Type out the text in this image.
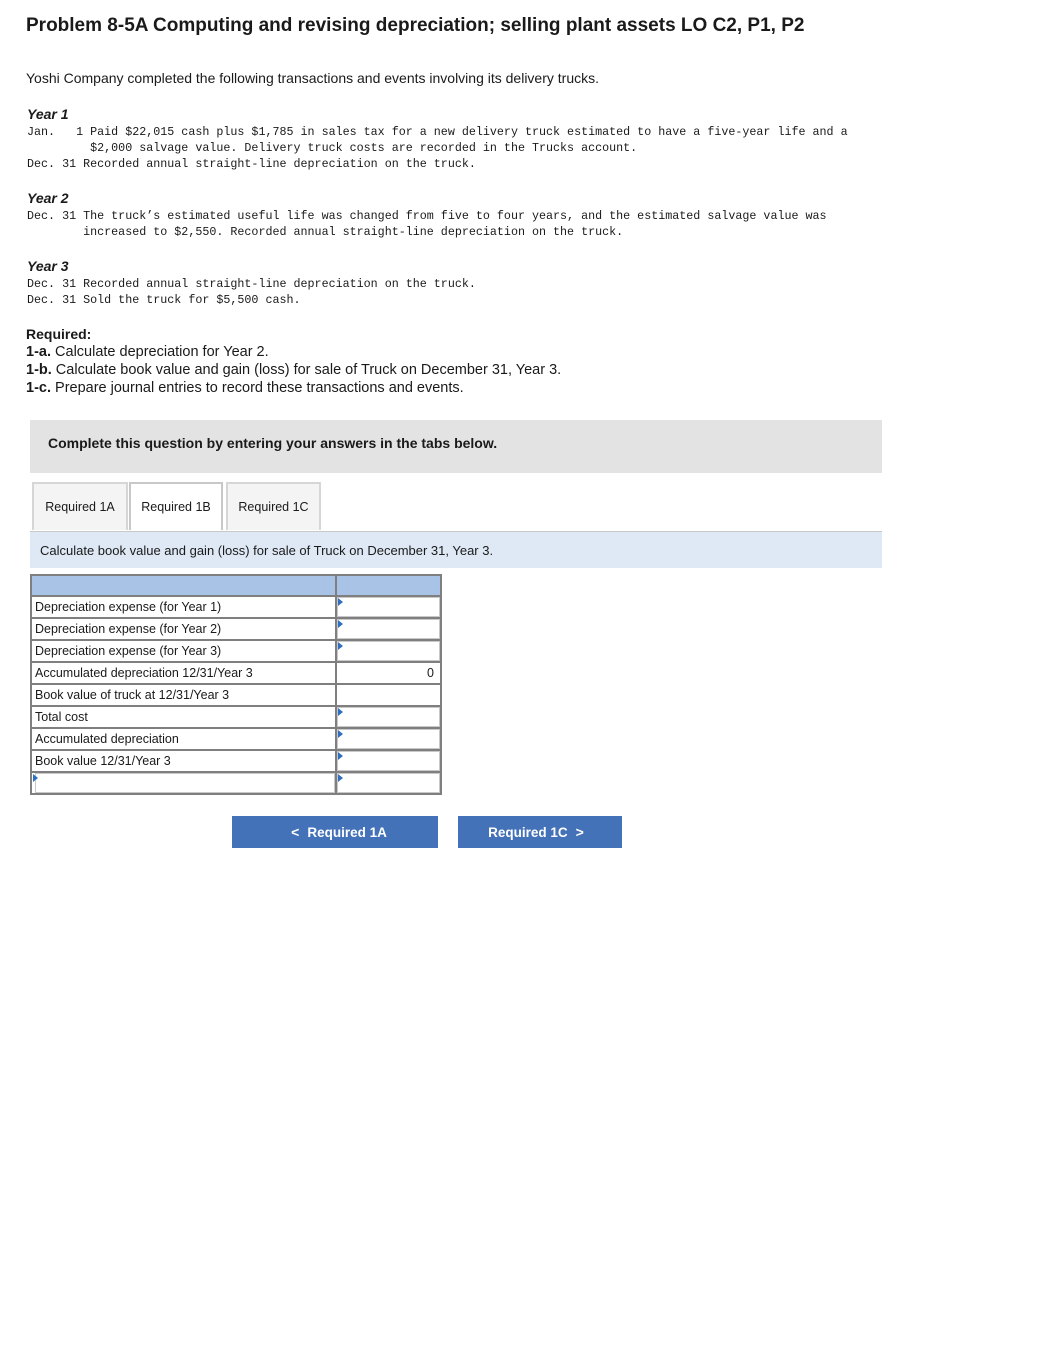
Problem 8-5A Computing and revising depreciation; selling plant assets LO C2, P1, P2
Yoshi Company completed the following transactions and events involving its delivery trucks.
Year 1
Jan.   1 Paid $22,015 cash plus $1,785 in sales tax for a new delivery truck estimated to have a five-year life and a
$2,000 salvage value. Delivery truck costs are recorded in the Trucks account.
Dec. 31 Recorded annual straight-line depreciation on the truck.
Year 2
Dec. 31 The truck’s estimated useful life was changed from five to four years, and the estimated salvage value was
increased to $2,550. Recorded annual straight-line depreciation on the truck.
Year 3
Dec. 31 Recorded annual straight-line depreciation on the truck.
Dec. 31 Sold the truck for $5,500 cash.
Required:
1-a. Calculate depreciation for Year 2.
1-b. Calculate book value and gain (loss) for sale of Truck on December 31, Year 3.
1-c. Prepare journal entries to record these transactions and events.
Complete this question by entering your answers in the tabs below.
Required 1A	Required 1B	Required 1C
Calculate book value and gain (loss) for sale of Truck on December 31, Year 3.

Depreciation expense (for Year 1)	

Depreciation expense (for Year 2)	

Depreciation expense (for Year 3)	

Accumulated depreciation 12/31/Year 3	0
Book value of truck at 12/31/Year 3	
Total cost	

Accumulated depreciation	

Book value 12/31/Year 3	

< Required 1A	Required 1C >
